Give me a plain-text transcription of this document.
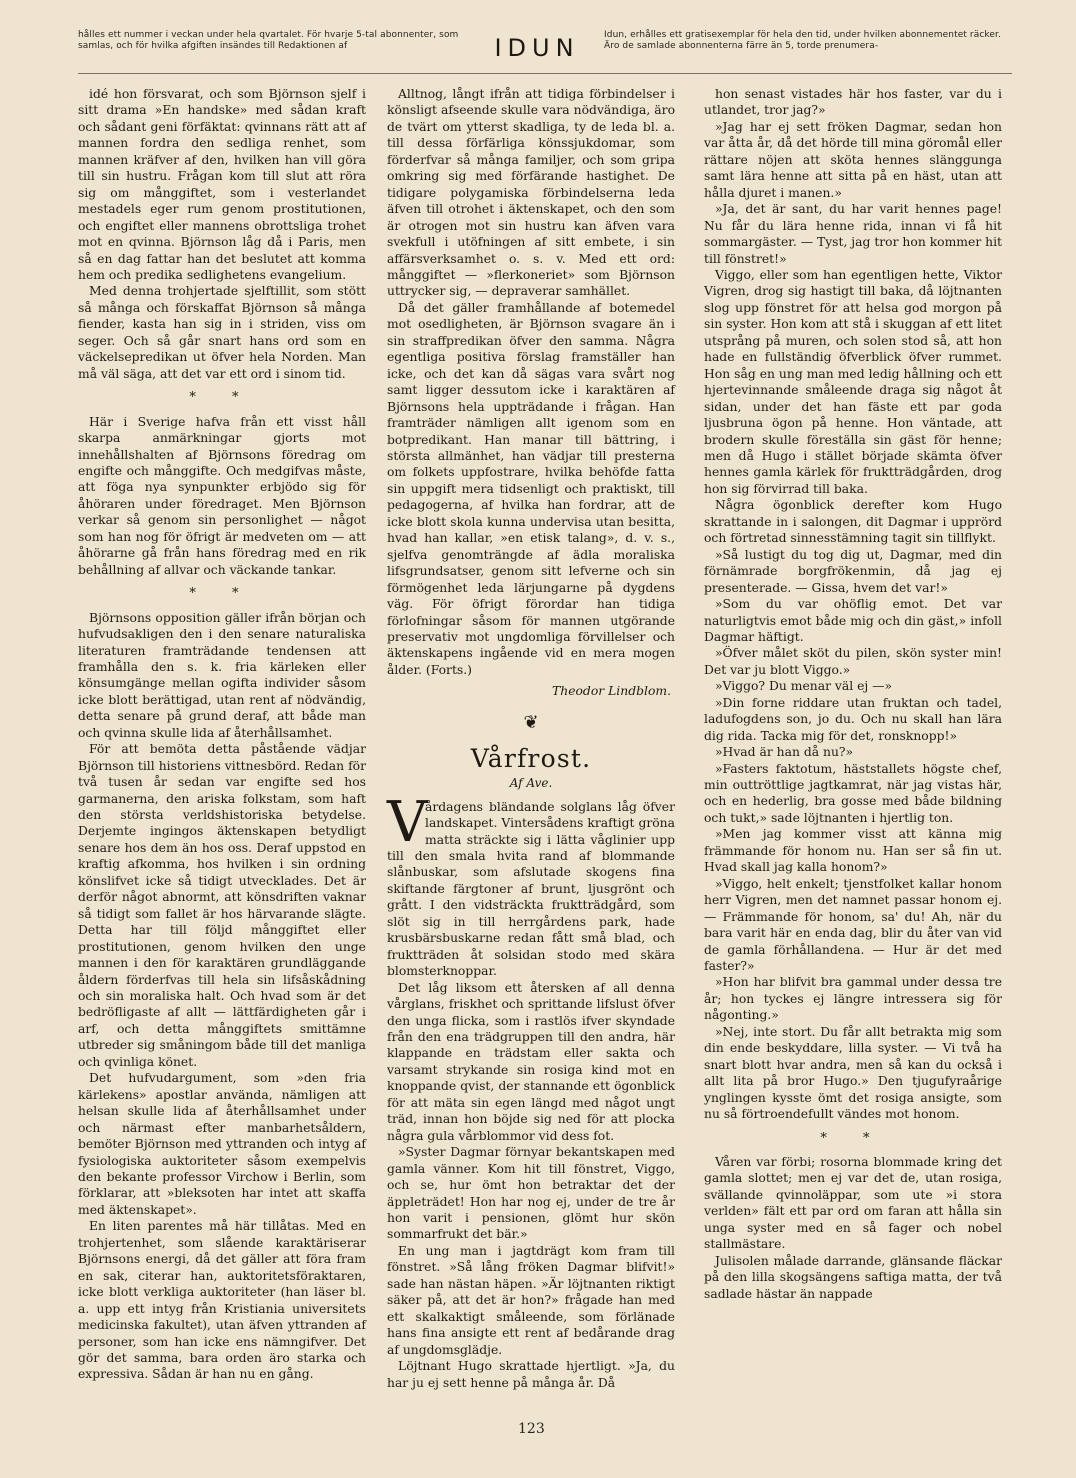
hålles ett nummer i veckan under hela qvartalet. För hvarje 5-tal abonnenter, som samlas, och för hvilka afgiften insändes till Redaktionen af	IDUN	Idun, erhålles ett gratisexemplar för hela den tid, under hvilken abonnementet räcker. Äro de samlade abonnenterna färre än 5, torde prenumera-

idé hon försvarat, och som Björnson sjelf i sitt drama »En handske» med sådan kraft och sådant geni förfäktat: qvinnans rätt att af mannen fordra den sedliga renhet, som mannen kräfver af den, hvilken han vill göra till sin hustru. Frågan kom till slut att röra sig om månggiftet, som i vesterlandet mestadels eger rum genom prostitutionen, och engiftet eller mannens obrottsliga trohet mot en qvinna. Björnson låg då i Paris, men så en dag fattar han det beslutet att komma hem och predika sedlighetens evangelium.

Med denna trohjertade sjelftillit, som stött så många och förskaffat Björnson så många fiender, kasta han sig in i striden, viss om seger. Och så går snart hans ord som en väckelsepredikan ut öfver hela Norden. Man må väl säga, att det var ett ord i sinom tid.

* *

Här i Sverige hafva från ett visst håll skarpa anmärkningar gjorts mot innehållshalten af Björnsons föredrag om engifte och månggifte. Och medgifvas måste, att föga nya synpunkter erbjödo sig för åhöraren under föredraget. Men Björnson verkar så genom sin personlighet — något som han nog för öfrigt är medveten om — att åhörarne gå från hans föredrag med en rik behållning af allvar och väckande tankar.

* *

Björnsons opposition gäller ifrån början och hufvudsakligen den i den senare naturaliska literaturen framträdande tendensen att framhålla den s. k. fria kärleken eller könsumgänge mellan ogifta individer såsom icke blott berättigad, utan rent af nödvändig, detta senare på grund deraf, att både man och qvinna skulle lida af återhållsamhet.

För att bemöta detta påstående vädjar Björnson till historiens vittnesbörd. Redan för två tusen år sedan var engifte sed hos garmanerna, den ariska folkstam, som haft den största verldshistoriska betydelse. Derjemte ingingos äktenskapen betydligt senare hos dem än hos oss. Deraf uppstod en kraftig afkomma, hos hvilken i sin ordning könslifvet icke så tidigt utvecklades. Det är derför något abnormt, att könsdriften vaknar så tidigt som fallet är hos härvarande slägte. Detta har till följd månggiftet eller prostitutionen, genom hvilken den unge mannen i den för karaktären grundläggande åldern förderfvas till hela sin lifsåskådning och sin moraliska halt. Och hvad som är det bedröfligaste af allt — lättfärdigheten går i arf, och detta månggiftets smittämne utbreder sig småningom både till det manliga och qvinliga könet.

Det hufvudargument, som »den fria kärlekens» apostlar använda, nämligen att helsan skulle lida af återhållsamhet under och närmast efter manbarhetsåldern, bemöter Björnson med yttranden och intyg af fysiologiska auktoriteter såsom exempelvis den bekante professor Virchow i Berlin, som förklarar, att »bleksoten har intet att skaffa med äktenskapet».

En liten parentes må här tillåtas. Med en trohjertenhet, som slående karaktäriserar Björnsons energi, då det gäller att föra fram en sak, citerar han, auktoritetsföraktaren, icke blott verkliga auktoriteter (han läser bl. a. upp ett intyg från Kristiania universitets medicinska fakultet), utan äfven yttranden af personer, som han icke ens nämngifver. Det gör det samma, bara orden äro starka och expressiva. Sådan är han nu en gång.

Alltnog, långt ifrån att tidiga förbindelser i könsligt afseende skulle vara nödvändiga, äro de tvärt om ytterst skadliga, ty de leda bl. a. till dessa förfärliga könssjukdomar, som förderfvar så många familjer, och som gripa omkring sig med förfärande hastighet. De tidigare polygamiska förbindelserna leda äfven till otrohet i äktenskapet, och den som är otrogen mot sin hustru kan äfven vara svekfull i utöfningen af sitt embete, i sin affärsverksamhet o. s. v. Med ett ord: månggiftet — »flerkoneriet» som Björnson uttrycker sig, — depraverar samhället.

Då det gäller framhållande af botemedel mot osedligheten, är Björnson svagare än i sin straffpredikan öfver den samma. Några egentliga positiva förslag framställer han icke, och det kan då sägas vara svårt nog samt ligger dessutom icke i karaktären af Björnsons hela uppträdande i frågan. Han framträder nämligen allt igenom som en botpredikant. Han manar till bättring, i största allmänhet, han vädjar till presterna om folkets uppfostrare, hvilka behöfde fatta sin uppgift mera tidsenligt och praktiskt, till pedagogerna, af hvilka han fordrar, att de icke blott skola kunna undervisa utan besitta, hvad han kallar, »en etisk talang», d. v. s., sjelfva genomträngde af ädla moraliska lifsgrundsatser, genom sitt lefverne och sin förmögenhet leda lärjungarne på dygdens väg. För öfrigt förordar han tidiga förlofningar såsom för mannen utgörande preservativ mot ungdomliga förvillelser och äktenskapens ingående vid en mera mogen ålder. (Forts.)

Theodor Lindblom.
❦
Vårfrost.
Af Ave.

V
årdagens bländande solglans låg öfver landskapet. Vintersådens kraftigt gröna matta sträckte sig i lätta våglinier upp till den smala hvita rand af blommande slånbuskar, som afslutade skogens fina skiftande färgtoner af brunt, ljusgrönt och grått. I den vidsträckta fruktträdgård, som slöt sig in till herrgårdens park, hade krusbärsbuskarne redan fått små blad, och fruktträden åt solsidan stodo med skära blomsterknoppar.

Det låg liksom ett återsken af all denna vårglans, friskhet och sprittande lifslust öfver den unga flicka, som i rastlös ifver skyndade från den ena trädgruppen till den andra, här klappande en trädstam eller sakta och varsamt strykande sin rosiga kind mot en knoppande qvist, der stannande ett ögonblick för att mäta sin egen längd med något ungt träd, innan hon böjde sig ned för att plocka några gula vårblommor vid dess fot.

»Syster Dagmar förnyar bekantskapen med gamla vänner. Kom hit till fönstret, Viggo, och se, hur ömt hon betraktar det der äppleträdet! Hon har nog ej, under de tre år hon varit i pensionen, glömt hur skön sommarfrukt det bär.»

En ung man i jagtdrägt kom fram till fönstret. »Så lång fröken Dagmar blifvit!» sade han nästan häpen. »Är löjtnanten riktigt säker på, att det är hon?» frågade han med ett skalkaktigt småleende, som förlänade hans fina ansigte ett rent af bedårande drag af ungdomsglädje.

Löjtnant Hugo skrattade hjertligt. »Ja, du har ju ej sett henne på många år. Då

hon senast vistades här hos faster, var du i utlandet, tror jag?»

»Jag har ej sett fröken Dagmar, sedan hon var åtta år, då det hörde till mina göromål eller rättare nöjen att sköta hennes slänggunga samt lära henne att sitta på en häst, utan att hålla djuret i manen.»

»Ja, det är sant, du har varit hennes page! Nu får du lära henne rida, innan vi få hit sommargäster. — Tyst, jag tror hon kommer hit till fönstret!»

Viggo, eller som han egentligen hette, Viktor Vigren, drog sig hastigt till baka, då löjtnanten slog upp fönstret för att helsa god morgon på sin syster. Hon kom att stå i skuggan af ett litet utsprång på muren, och solen stod så, att hon hade en fullständig öfverblick öfver rummet. Hon såg en ung man med ledig hållning och ett hjertevinnande småleende draga sig något åt sidan, under det han fäste ett par goda ljusbruna ögon på henne. Hon väntade, att brodern skulle föreställa sin gäst för henne; men då Hugo i stället började skämta öfver hennes gamla kärlek för fruktträdgården, drog hon sig förvirrad till baka.

Några ögonblick derefter kom Hugo skrattande in i salongen, dit Dagmar i upprörd och förtretad sinnesstämning tagit sin tillflykt.

»Så lustigt du tog dig ut, Dagmar, med din förnämrade borgfrökenmin, då jag ej presenterade. — Gissa, hvem det var!»

»Som du var ohöflig emot. Det var naturligtvis emot både mig och din gäst,» infoll Dagmar häftigt.

»Öfver målet sköt du pilen, skön syster min! Det var ju blott Viggo.»

»Viggo? Du menar väl ej —»

»Din forne riddare utan fruktan och tadel, ladufogdens son, jo du. Och nu skall han lära dig rida. Tacka mig för det, ronsknopp!»

»Hvad är han då nu?»

»Fasters faktotum, häststallets högste chef, min outtröttlige jagtkamrat, när jag vistas här, och en hederlig, bra gosse med både bildning och tukt,» sade löjtnanten i hjertlig ton.

»Men jag kommer visst att känna mig främmande för honom nu. Han ser så fin ut. Hvad skall jag kalla honom?»

»Viggo, helt enkelt; tjenstfolket kallar honom herr Vigren, men det namnet passar honom ej. — Främmande för honom, sa' du! Ah, när du bara varit här en enda dag, blir du åter van vid de gamla förhållandena. — Hur är det med faster?»

»Hon har blifvit bra gammal under dessa tre år; hon tyckes ej längre intressera sig för någonting.»

»Nej, inte stort. Du får allt betrakta mig som din ende beskyddare, lilla syster. — Vi två ha snart blott hvar andra, men så kan du också i allt lita på bror Hugo.» Den tjugufyraårige ynglingen kysste ömt det rosiga ansigte, som nu så förtroendefullt vändes mot honom.

* *

Våren var förbi; rosorna blommade kring det gamla slottet; men ej var det de, utan rosiga, svällande qvinnoläppar, som ute »i stora verlden» fält ett par ord om faran att hålla sin unga syster med en så fager och nobel stallmästare.

Julisolen målade darrande, glänsande fläckar på den lilla skogsängens saftiga matta, der två sadlade hästar än nappade

123
